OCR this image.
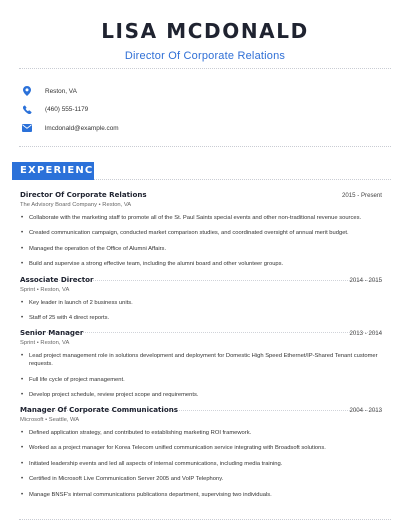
LISA MCDONALD
Director Of Corporate Relations
Reston, VA
(460) 555-1179
lmcdonald@example.com
EXPERIENCE
Director Of Corporate Relations	2015 - Present
The Advisory Board Company • Reston, VA
• Collaborate with the marketing staff to promote all of the St. Paul Saints special events and other non-traditional revenue sources.
• Created communication campaign, conducted market comparison studies, and coordinated oversight of annual merit budget.
• Managed the operation of the Office of Alumni Affairs.
• Build and supervise a strong effective team, including the alumni board and other volunteer groups.
Associate Director	2014 - 2015
Sprint • Reston, VA
• Key leader in launch of 2 business units.
• Staff of 25 with 4 direct reports.
Senior Manager	2013 - 2014
Sprint • Reston, VA
• Lead project management role in solutions development and deployment for Domestic High Speed Ethernet/IP-Shared Tenant customer requests.
• Full life cycle of project management.
• Develop project schedule, review project scope and requirements.
Manager Of Corporate Communications	2004 - 2013
Microsoft • Seattle, WA
• Defined application strategy, and contributed to establishing marketing ROI framework.
• Worked as a project manager for Korea Telecom unified communication service integrating with Broadsoft solutions.
• Initiated leadership events and led all aspects of internal communications, including media training.
• Certified in Microsoft Live Communication Server 2005 and VoIP Telephony.
• Manage BNSF's internal communications publications department, supervising two individuals.
